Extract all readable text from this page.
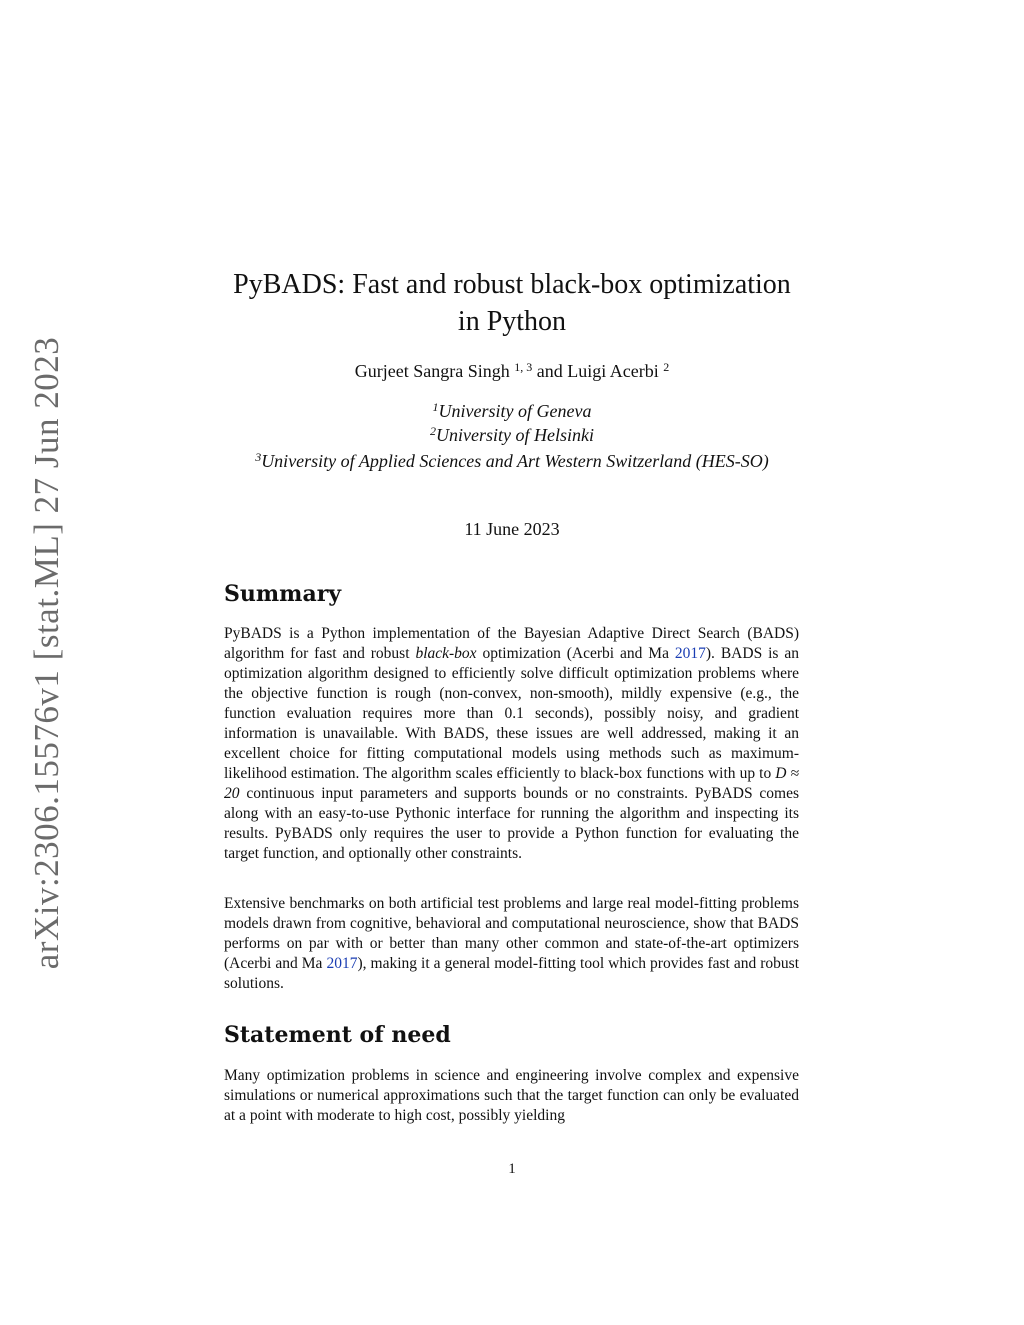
arXiv:2306.15576v1 [stat.ML] 27 Jun 2023
PyBADS: Fast and robust black-box optimization
in Python
Gurjeet Sangra Singh $^{1, 3}$ and Luigi Acerbi $^2$
$^1$University of Geneva
$^2$University of Helsinki
$^3$University of Applied Sciences and Art Western Switzerland (HES-SO)
11 June 2023
Summary

PyBADS is a Python implementation of the Bayesian Adaptive Direct Search (BADS) algorithm for fast and robust black-box optimization (Acerbi and Ma 2017). BADS is an optimization algorithm designed to efficiently solve difficult optimization problems where the objective function is rough (non-convex, non-smooth), mildly expensive (e.g., the function evaluation requires more than 0.1 seconds), possibly noisy, and gradient information is unavailable. With BADS, these issues are well addressed, making it an excellent choice for fitting computational models using methods such as maximum-likelihood estimation. The algorithm scales efficiently to black-box functions with up to D ≈ 20 continuous input parameters and supports bounds or no constraints. PyBADS comes along with an easy-to-use Pythonic interface for running the algorithm and inspecting its results. PyBADS only requires the user to provide a Python function for evaluating the target function, and optionally other constraints.

Extensive benchmarks on both artificial test problems and large real model-fitting problems models drawn from cognitive, behavioral and computational neuroscience, show that BADS performs on par with or better than many other common and state-of-the-art optimizers (Acerbi and Ma 2017), making it a general model-fitting tool which provides fast and robust solutions.

Statement of need

Many optimization problems in science and engineering involve complex and expensive simulations or numerical approximations such that the target function can only be evaluated at a point with moderate to high cost, possibly yielding

1
